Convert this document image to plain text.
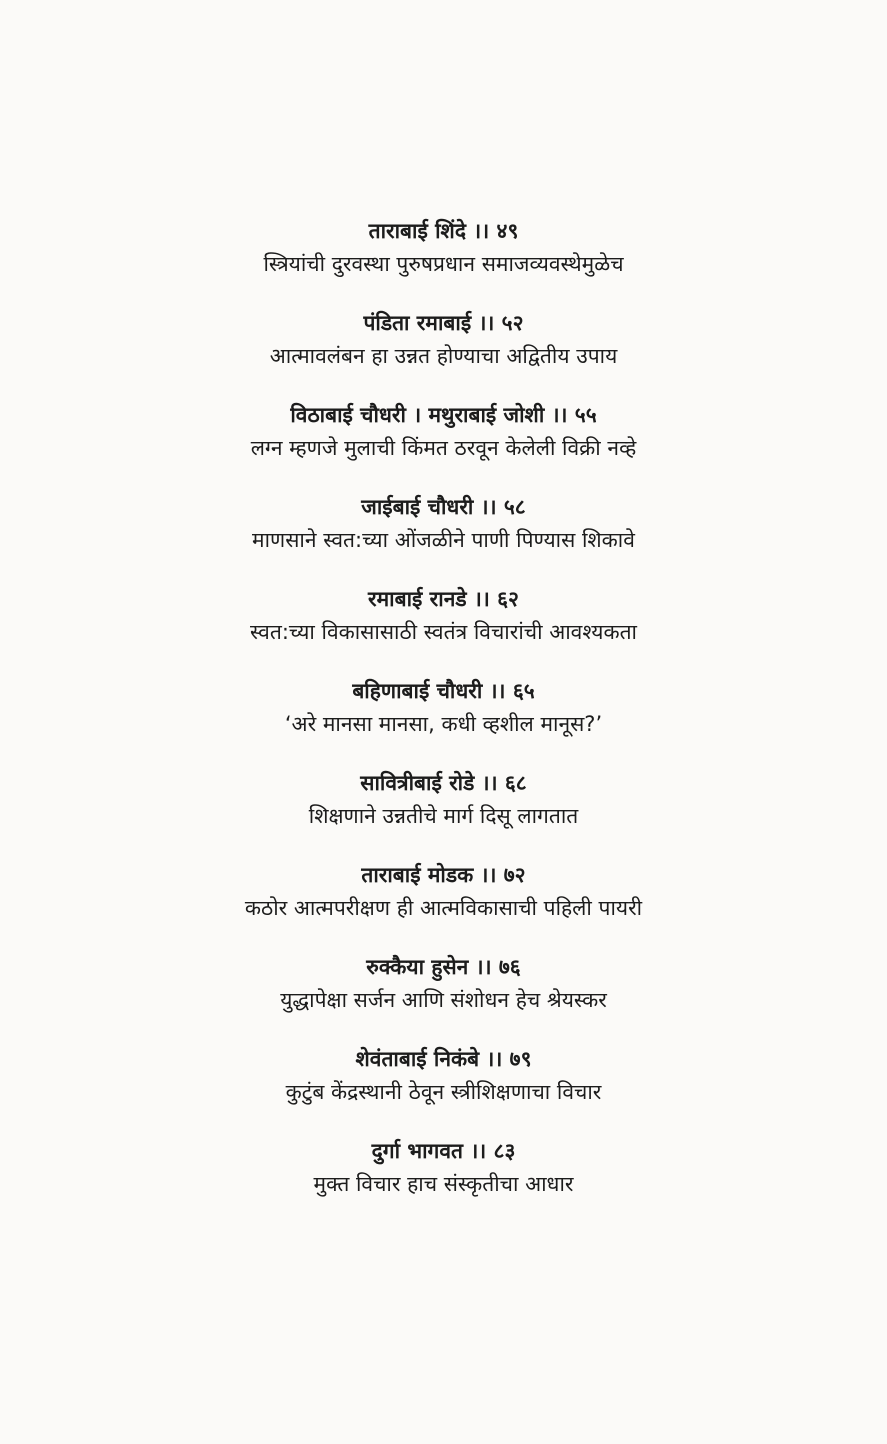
ताराबाई शिंदे ।। ४९
स्त्रियांची दुरवस्था पुरुषप्रधान समाजव्यवस्थेमुळेच
पंडिता रमाबाई ।। ५२
आत्मावलंबन हा उन्नत होण्याचा अद्वितीय उपाय
विठाबाई चौधरी । मथुराबाई जोशी ।। ५५
लग्न म्हणजे मुलाची किंमत ठरवून केलेली विक्री नव्हे
जाईबाई चौधरी ।। ५८
माणसाने स्वत:च्या ओंजळीने पाणी पिण्यास शिकावे
रमाबाई रानडे ।। ६२
स्वत:च्या विकासासाठी स्वतंत्र विचारांची आवश्यकता
बहिणाबाई चौधरी ।। ६५
‘अरे मानसा मानसा, कधी व्हशील मानूस?’
सावित्रीबाई रोडे ।। ६८
शिक्षणाने उन्नतीचे मार्ग दिसू लागतात
ताराबाई मोडक ।। ७२
कठोर आत्मपरीक्षण ही आत्मविकासाची पहिली पायरी
रुक्कैया हुसेन ।। ७६
युद्धापेक्षा सर्जन आणि संशोधन हेच श्रेयस्कर
शेवंताबाई निकंबे ।। ७९
कुटुंब केंद्रस्थानी ठेवून स्त्रीशिक्षणाचा विचार
दुर्गा भागवत ।। ८३
मुक्त विचार हाच संस्कृतीचा आधार
